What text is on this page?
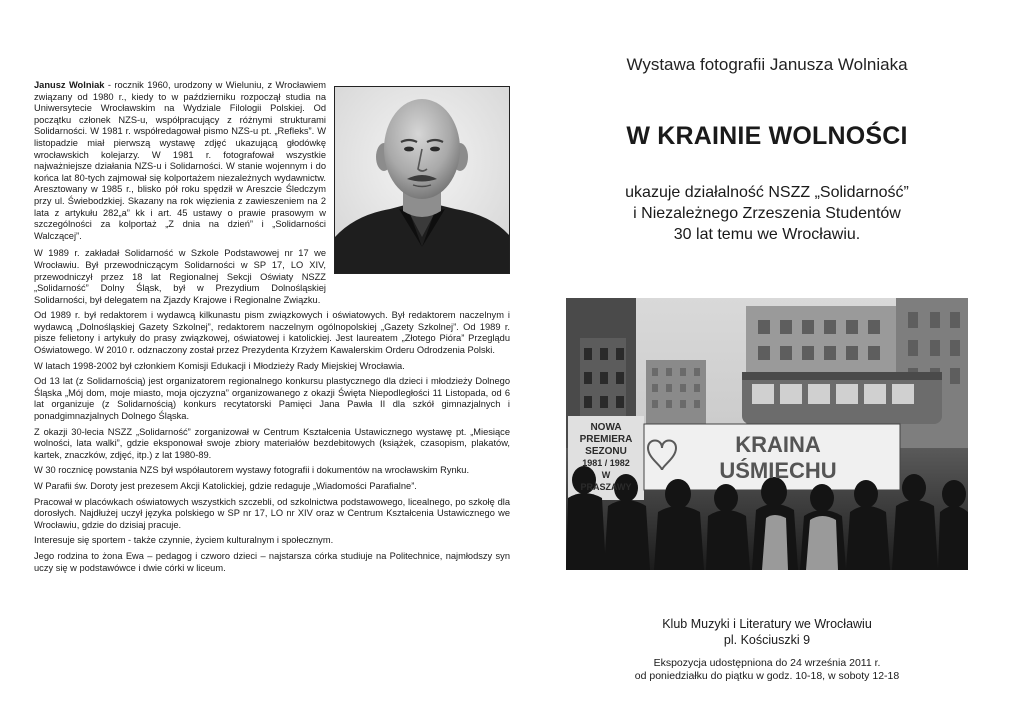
Janusz Wolniak - rocznik 1960, urodzony w Wieluniu, z Wrocławiem związany od 1980 r., kiedy to w październiku rozpoczął studia na Uniwersytecie Wrocławskim na Wydziale Filologii Polskiej. Od początku członek NZS-u, współpracujący z różnymi strukturami Solidarności. W 1981 r. współredagował pismo NZS-u pt. „Refleks”. W listopadzie miał pierwszą wystawę zdjęć ukazującą głodówkę wrocławskich kolejarzy. W 1981 r. fotografował wszystkie najważniejsze działania NZS-u i Solidarności. W stanie wojennym i do końca lat 80-tych zajmował się kolportażem niezależnych wydawnictw. Aresztowany w 1985 r., blisko pół roku spędził w Areszcie Śledczym przy ul. Świebodzkiej. Skazany na rok więzienia z zawieszeniem na 2 lata z artykułu 282„a” kk i art. 45 ustawy o prawie prasowym w szczególności za kolportaż „Z dnia na dzień” i „Solidarności Walczącej”.

W 1989 r. zakładał Solidarność w Szkole Podstawowej nr 17 we Wrocławiu. Był przewodniczącym Solidarności w SP 17, LO XIV, przewodniczył przez 18 lat Regionalnej Sekcji Oświaty NSZZ „Solidarność” Dolny Śląsk, był w Prezydium Dolnośląskiej Solidarności, był delegatem na Zjazdy Krajowe i Regionalne Związku.

Od 1989 r. był redaktorem i wydawcą kilkunastu pism związkowych i oświatowych. Był redaktorem naczelnym i wydawcą „Dolnośląskiej Gazety Szkolnej”, redaktorem naczelnym ogólnopolskiej „Gazety Szkolnej”. Od 1989 r. pisze felietony i artykuły do prasy związkowej, oświatowej i katolickiej. Jest laureatem „Złotego Pióra” Przeglądu Oświatowego. W 2010 r. odznaczony został przez Prezydenta Krzyżem Kawalerskim Orderu Odrodzenia Polski.

W latach 1998-2002 był członkiem Komisji Edukacji i Młodzieży Rady Miejskiej Wrocławia.

Od 13 lat (z Solidarnością) jest organizatorem regionalnego konkursu plastycznego dla dzieci i młodzieży Dolnego Śląska „Mój dom, moje miasto, moja ojczyzna” organizowanego z okazji Święta Niepodległości 11 Listopada, od 6 lat organizuje (z Solidarnością) konkurs recytatorski Pamięci Jana Pawła II dla szkół gimnazjalnych i ponadgimnazjalnych Dolnego Śląska.

Z okazji 30-lecia NSZZ „Solidarność” zorganizował w Centrum Kształcenia Ustawicznego wystawę pt. „Miesiące wolności, lata walki”, gdzie eksponował swoje zbiory materiałów bezdebitowych (książek, czasopism, plakatów, kartek, znaczków, zdjęć, itp.) z lat 1980-89.

W 30 rocznicę powstania NZS był współautorem wystawy fotografii i dokumentów na wrocławskim Rynku.

W Parafii św. Doroty jest prezesem Akcji Katolickiej, gdzie redaguje „Wiadomości Parafialne”.

Pracował w placówkach oświatowych wszystkich szczebli, od szkolnictwa podstawowego, licealnego, po szkołę dla dorosłych. Najdłużej uczył języka polskiego w SP nr 17, LO nr XIV oraz w Centrum Kształcenia Ustawicznego we Wrocławiu, gdzie do dzisiaj pracuje.

Interesuje się sportem - także czynnie, życiem kulturalnym i społecznym.

Jego rodzina to żona Ewa – pedagog i czworo dzieci – najstarsza córka studiuje na Politechnice, najmłodszy syn uczy się w podstawówce i dwie córki w liceum.

Wystawa fotografii Janusza Wolniaka
W KRAINIE WOLNOŚCI
ukazuje działalność NSZZ „Solidarność”
i Niezależnego Zrzeszenia Studentów
30 lat temu we Wrocławiu.
NOWA
PREMIERA
SEZONU
1981 / 1982
W
PRASZAWY
KRAINA
UŚMIECHU
Klub Muzyki i Literatury we Wrocławiu
pl. Kościuszki 9
Ekspozycja udostępniona do 24 września 2011 r.
od poniedziałku do piątku w godz. 10-18, w soboty 12-18
